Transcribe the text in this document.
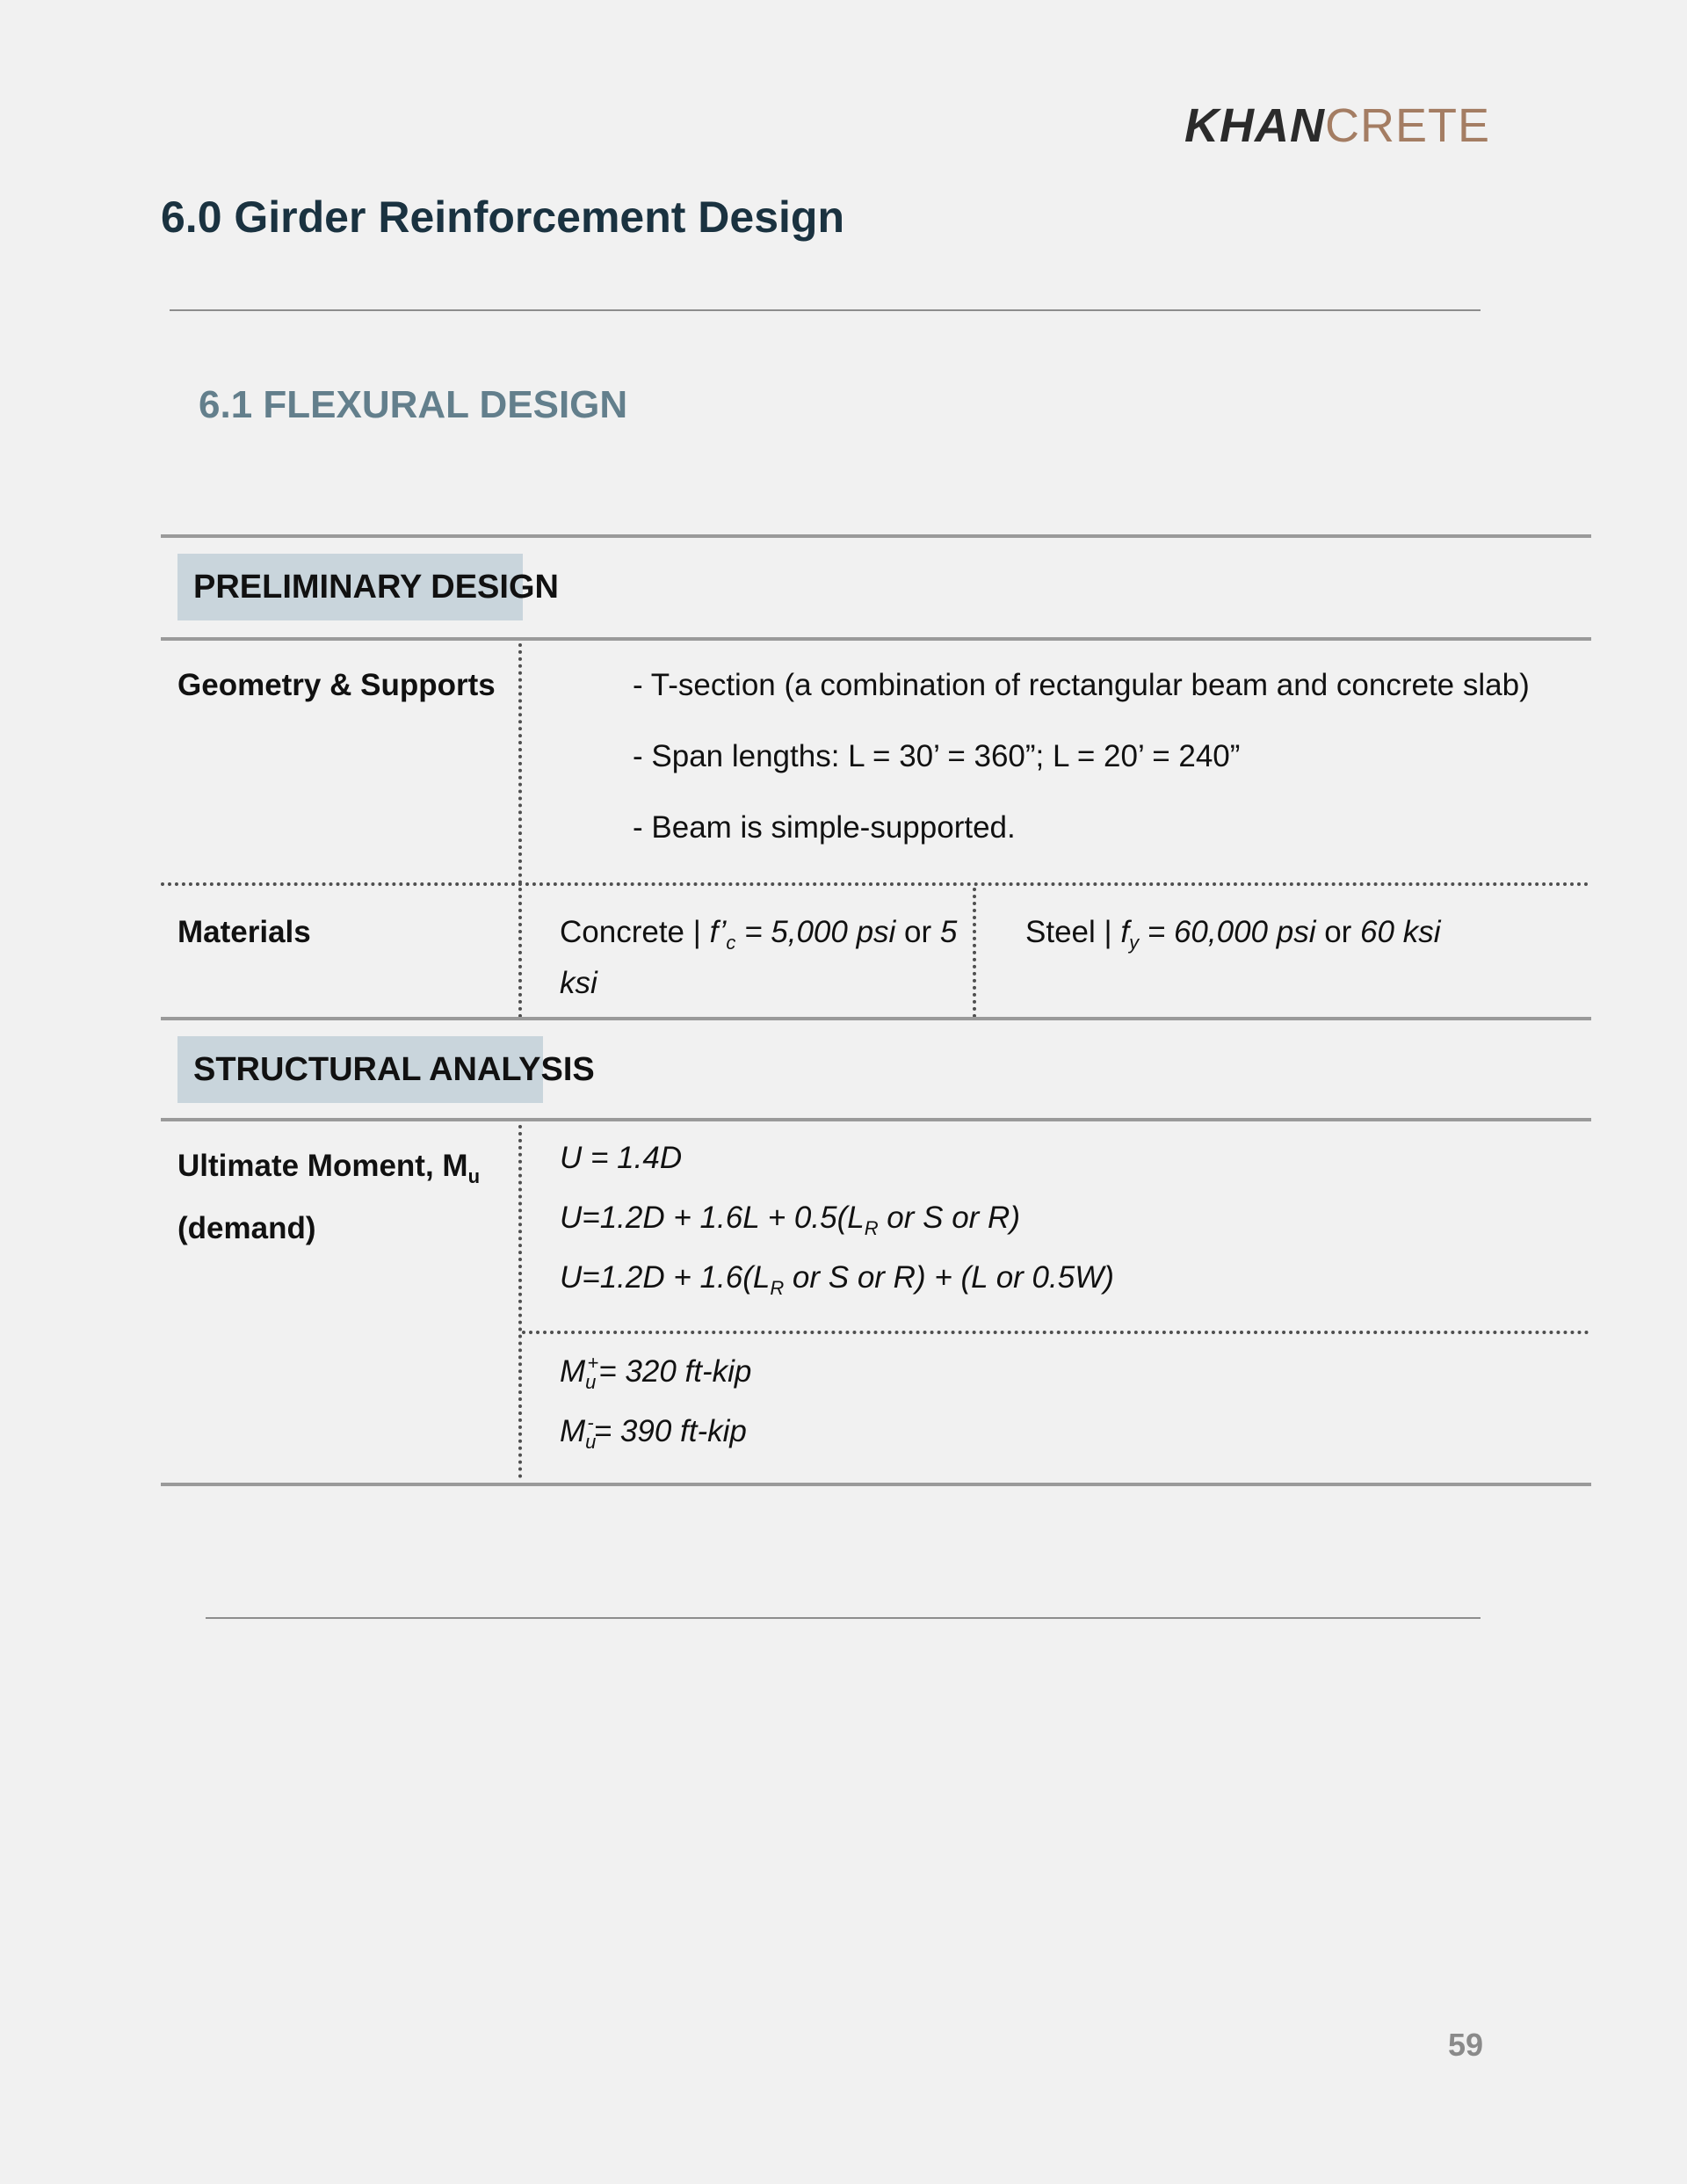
KHANCRETE
6.0 Girder Reinforcement Design
6.1 FLEXURAL DESIGN
PRELIMINARY DESIGN
Geometry & Supports	- T-section (a combination of rectangular beam and concrete slab)
- Span lengths: L = 30’ = 360”; L = 20’ = 240”
- Beam is simple-supported.
Materials	Concrete | $f’_c = 5,000$ psi or 5
ksi
Steel | $f_y = 60,000$ psi or 60 ksi
STRUCTURAL ANALYSIS
Ultimate Moment, $M_u$
(demand)
U = 1.4D
$U=1.2D + 1.6L + 0.5(L_R$ or S or R)
$U=1.2D + 1.6(L_R$ or S or R) + (L or 0.5W)
$M_u^+= 320$ ft-kip
$M_u^-= 390$ ft-kip
59
